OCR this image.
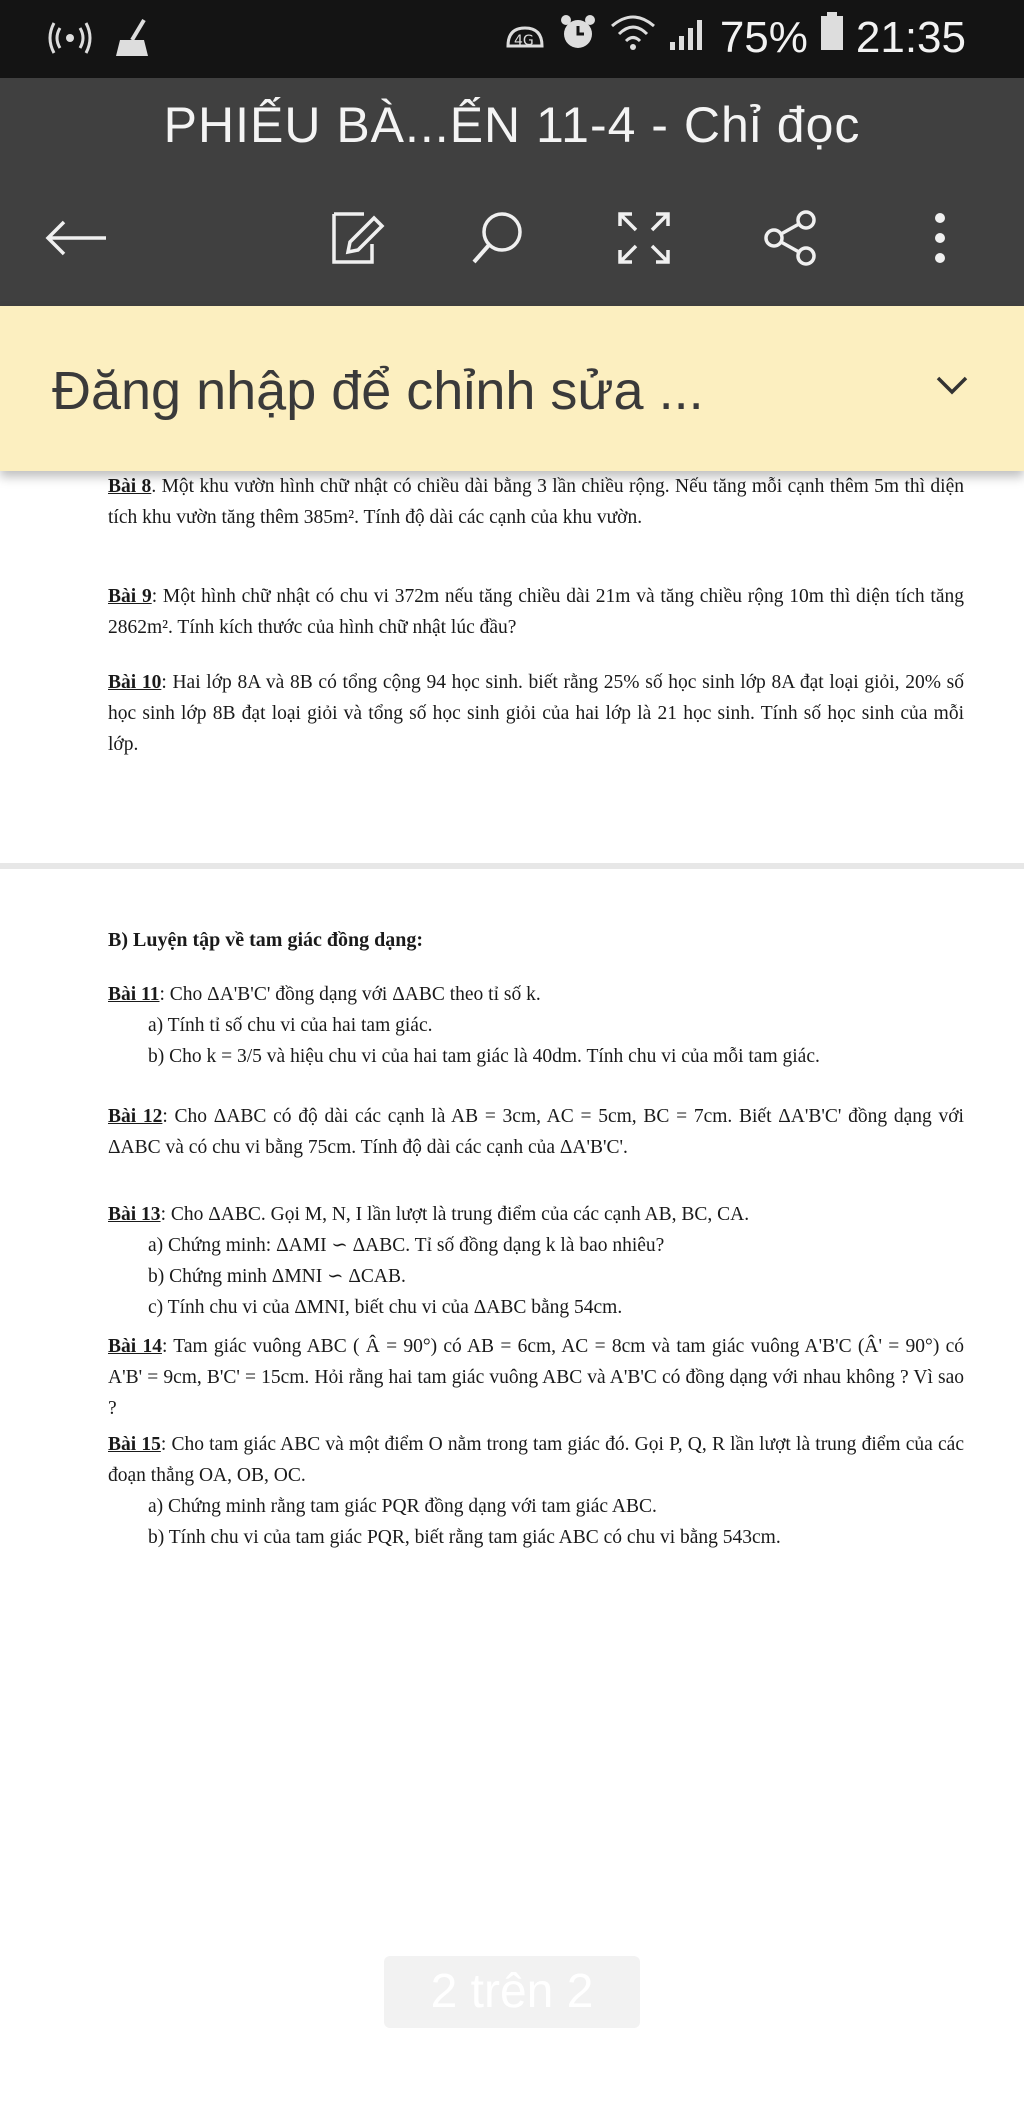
4G	75% 21:35
PHIẾU BÀ...ẾN 11-4 - Chỉ đọc
Đăng nhập để chỉnh sửa ...
Bài 8. Một khu vườn hình chữ nhật có chiều dài bằng 3 lần chiều rộng. Nếu tăng mỗi cạnh thêm 5m thì diện tích khu vườn tăng thêm 385m². Tính độ dài các cạnh của khu vườn.
Bài 9: Một hình chữ nhật có chu vi 372m nếu tăng chiều dài 21m và tăng chiều rộng 10m thì diện tích tăng 2862m². Tính kích thước của hình chữ nhật lúc đầu?
Bài 10: Hai lớp 8A và 8B có tổng cộng 94 học sinh. biết rằng 25% số học sinh lớp 8A đạt loại giỏi, 20% số học sinh lớp 8B đạt loại giỏi và tổng số học sinh giỏi của hai lớp là 21 học sinh. Tính số học sinh của mỗi lớp.
B) Luyện tập về tam giác đồng dạng:
Bài 11: Cho ΔA'B'C' đồng dạng với ΔABC theo tỉ số k.
a) Tính tỉ số chu vi của hai tam giác.
b) Cho k = 3/5 và hiệu chu vi của hai tam giác là 40dm. Tính chu vi của mỗi tam giác.
Bài 12: Cho ΔABC có độ dài các cạnh là AB = 3cm, AC = 5cm, BC = 7cm. Biết ΔA'B'C' đồng dạng với ΔABC và có chu vi bằng 75cm. Tính độ dài các cạnh của ΔA'B'C'.
Bài 13: Cho ΔABC. Gọi M, N, I lần lượt là trung điểm của các cạnh AB, BC, CA.
a) Chứng minh: ΔAMI ∽ ΔABC. Tỉ số đồng dạng k là bao nhiêu?
b) Chứng minh ΔMNI ∽ ΔCAB.
c) Tính chu vi của ΔMNI, biết chu vi của ΔABC bằng 54cm.
Bài 14: Tam giác vuông ABC ( Â = 90°) có AB = 6cm, AC = 8cm và tam giác vuông A'B'C (Â' = 90°) có A'B' = 9cm, B'C' = 15cm. Hỏi rằng hai tam giác vuông ABC và A'B'C có đồng dạng với nhau không ? Vì sao ?
Bài 15: Cho tam giác ABC và một điểm O nằm trong tam giác đó. Gọi P, Q, R lần lượt là trung điểm của các đoạn thẳng OA, OB, OC.
a) Chứng minh rằng tam giác PQR đồng dạng với tam giác ABC.
b) Tính chu vi của tam giác PQR, biết rằng tam giác ABC có chu vi bằng 543cm.
2 trên 2
